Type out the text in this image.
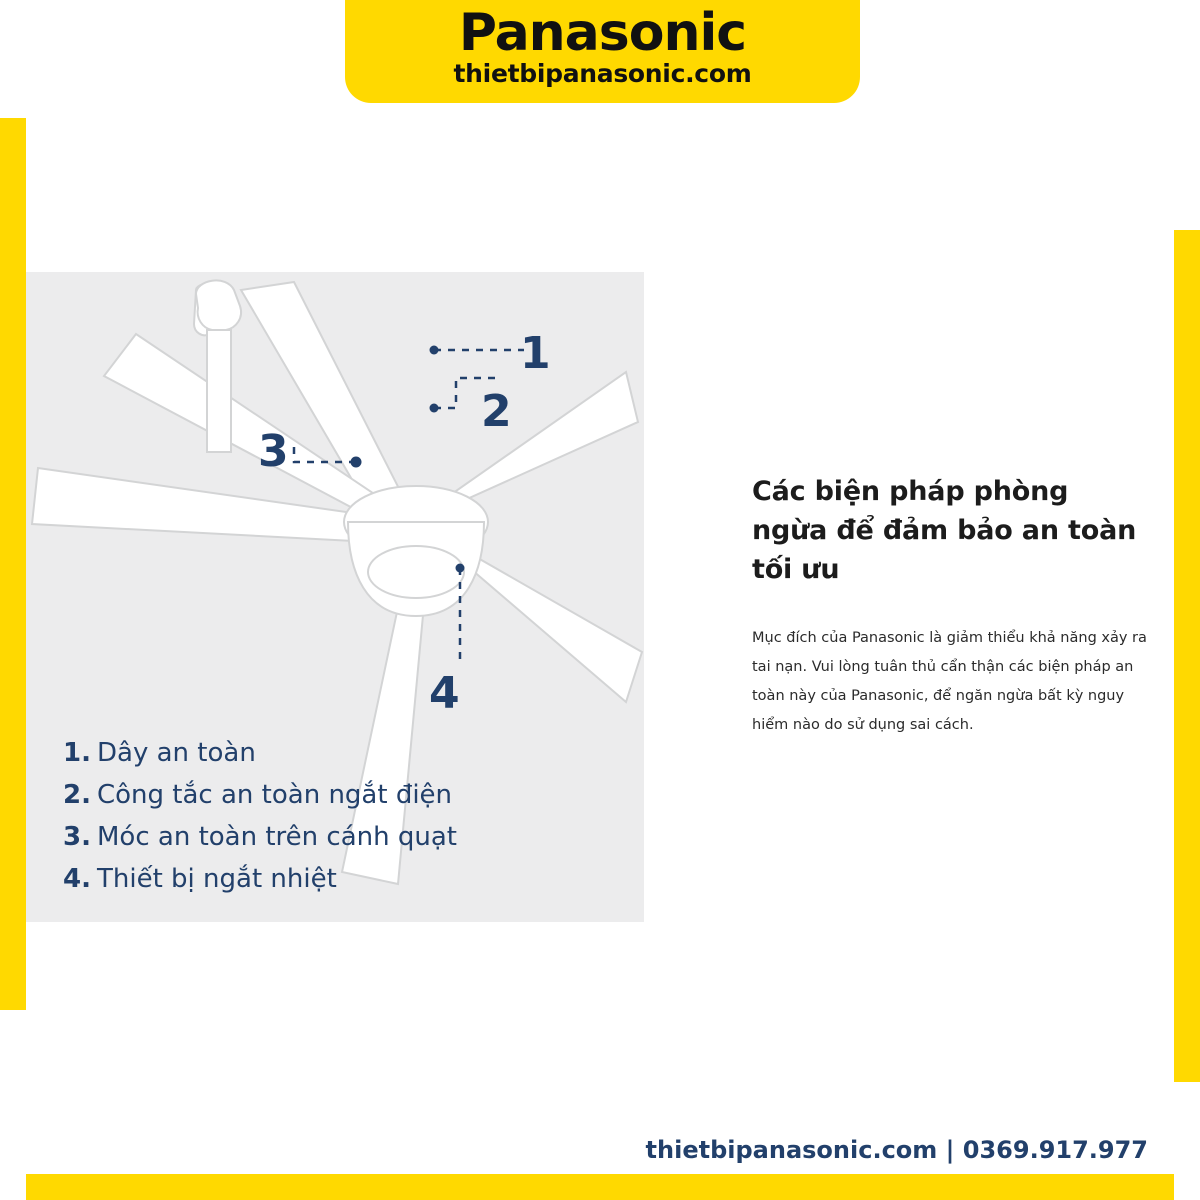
Panasonic
thietbipanasonic.com
1
2
3
4
1. Dây an toàn
2. Công tắc an toàn ngắt điện
3. Móc an toàn trên cánh quạt
4. Thiết bị ngắt nhiệt
Các biện pháp phòng ngừa để đảm bảo an toàn tối ưu
Mục đích của Panasonic là giảm thiểu khả năng xảy ra tai nạn. Vui lòng tuân thủ cẩn thận các biện pháp an toàn này của Panasonic, để ngăn ngừa bất kỳ nguy hiểm nào do sử dụng sai cách.
thietbipanasonic.com | 0369.917.977
